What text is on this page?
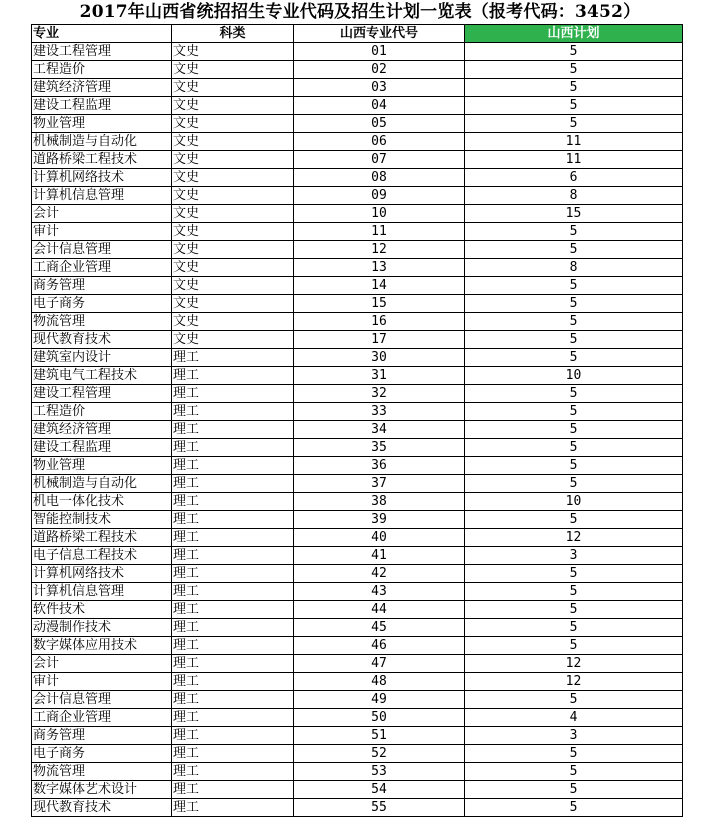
2017年山西省统招招生专业代码及招生计划一览表（报考代码：3452）
专业	科类	山西专业代号	山西计划
建设工程管理	文史	01	5
工程造价	文史	02	5
建筑经济管理	文史	03	5
建设工程监理	文史	04	5
物业管理	文史	05	5
机械制造与自动化	文史	06	11
道路桥梁工程技术	文史	07	11
计算机网络技术	文史	08	6
计算机信息管理	文史	09	8
会计	文史	10	15
审计	文史	11	5
会计信息管理	文史	12	5
工商企业管理	文史	13	8
商务管理	文史	14	5
电子商务	文史	15	5
物流管理	文史	16	5
现代教育技术	文史	17	5
建筑室内设计	理工	30	5
建筑电气工程技术	理工	31	10
建设工程管理	理工	32	5
工程造价	理工	33	5
建筑经济管理	理工	34	5
建设工程监理	理工	35	5
物业管理	理工	36	5
机械制造与自动化	理工	37	5
机电一体化技术	理工	38	10
智能控制技术	理工	39	5
道路桥梁工程技术	理工	40	12
电子信息工程技术	理工	41	3
计算机网络技术	理工	42	5
计算机信息管理	理工	43	5
软件技术	理工	44	5
动漫制作技术	理工	45	5
数字媒体应用技术	理工	46	5
会计	理工	47	12
审计	理工	48	12
会计信息管理	理工	49	5
工商企业管理	理工	50	4
商务管理	理工	51	3
电子商务	理工	52	5
物流管理	理工	53	5
数字媒体艺术设计	理工	54	5
现代教育技术	理工	55	5
